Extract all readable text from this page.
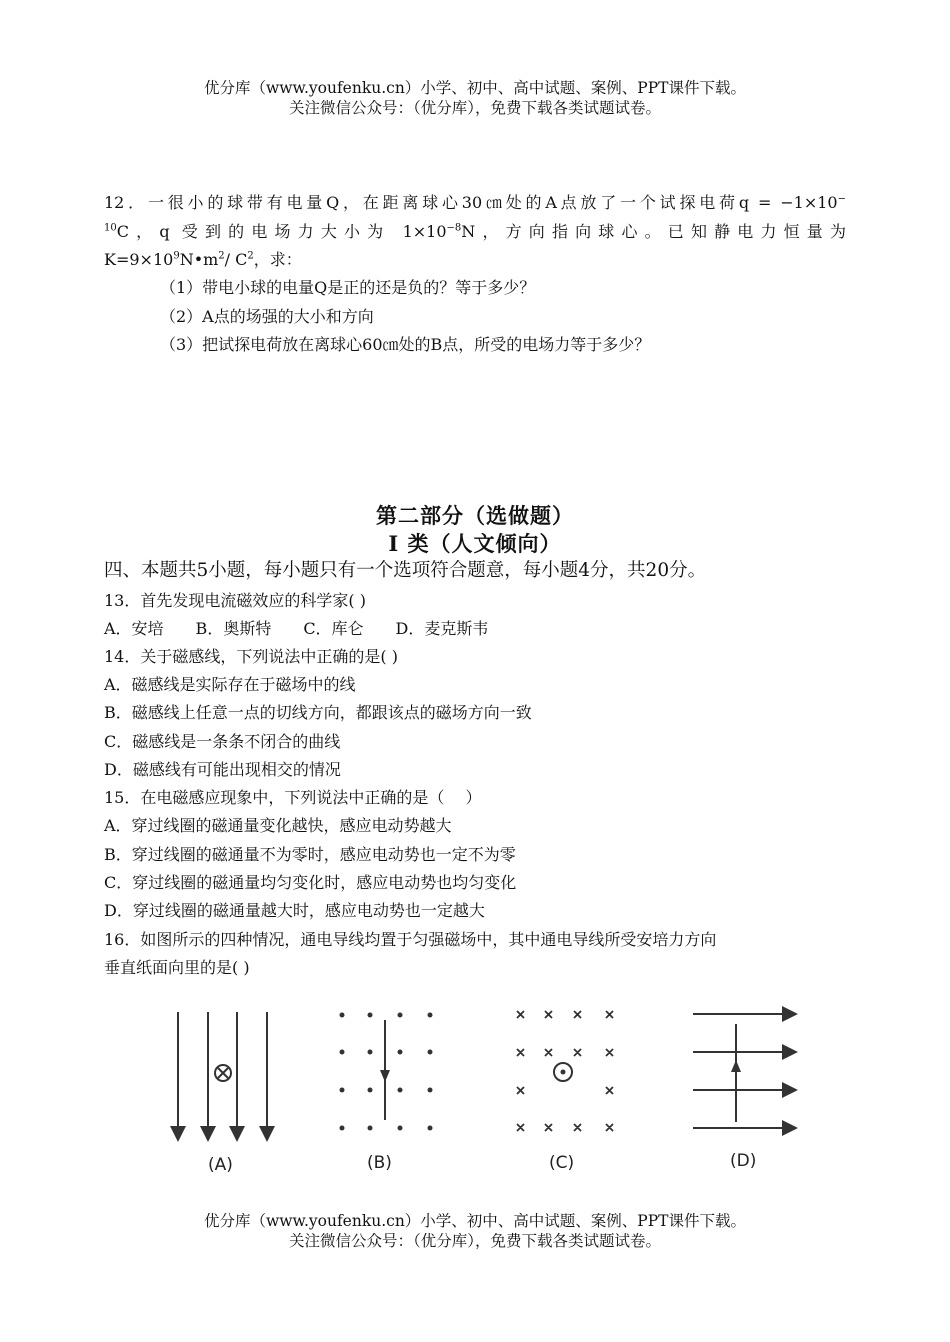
优分库（www.youfenku.cn）小学、初中、高中试题、案例、PPT课件下载。
关注微信公众号：（优分库），免费下载各类试题试卷。
12．一很小的球带有电量Q，在距离球心30㎝处的A点放了一个试探电荷q = −1×10−
$^{10}$C，q 受到的电场力大小为 $1\times 10^{-8}N$，方向指向球心。已知静电力恒量为
$K=9\times 10^9N•m^2/$ $C^2$，求：
（1）带电小球的电量Q是正的还是负的？等于多少？
（2）A点的场强的大小和方向
（3）把试探电荷放在离球心60㎝处的B点，所受的电场力等于多少？
第二部分（选做题）
Ⅰ 类（人文倾向）
四、本题共5小题，每小题只有一个选项符合题意，每小题4分，共20分。
13．首先发现电流磁效应的科学家( )
A．安培　　B．奥斯特　　C．库仑　　D．麦克斯韦
14．关于磁感线，下列说法中正确的是( )
A．磁感线是实际存在于磁场中的线
B．磁感线上任意一点的切线方向，都跟该点的磁场方向一致
C．磁感线是一条条不闭合的曲线
D．磁感线有可能出现相交的情况
15．在电磁感应现象中，下列说法中正确的是（　 ）
A．穿过线圈的磁通量变化越快，感应电动势越大
B．穿过线圈的磁通量不为零时，感应电动势也一定不为零
C．穿过线圈的磁通量均匀变化时，感应电动势也均匀变化
D．穿过线圈的磁通量越大时，感应电动势也一定越大
16．如图所示的四种情况，通电导线均置于匀强磁场中，其中通电导线所受安培力方向
垂直纸面向里的是( )
(A)	(B)	(C)	(D)
优分库（www.youfenku.cn）小学、初中、高中试题、案例、PPT课件下载。
关注微信公众号：（优分库），免费下载各类试题试卷。
